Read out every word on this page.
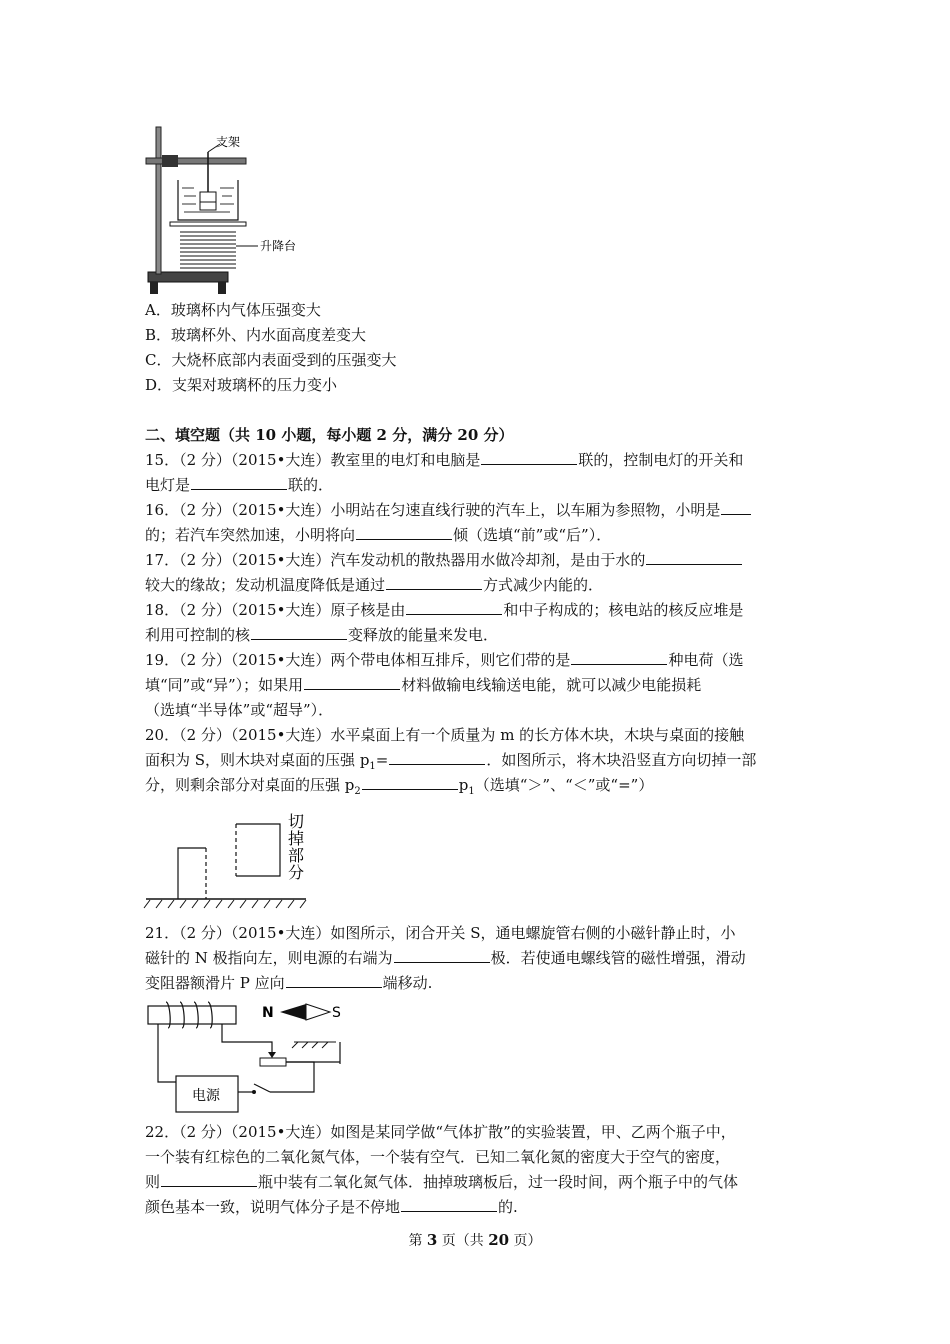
支架
升降台
A．玻璃杯内气体压强变大
B．玻璃杯外、内水面高度差变大
C．大烧杯底部内表面受到的压强变大
D．支架对玻璃杯的压力变小
二、填空题（共 10 小题，每小题 2 分，满分 20 分）
15．（2 分）（2015•大连）教室里的电灯和电脑是	联的，控制电灯的开关和
电灯是	联的．
16．（2 分）（2015•大连）小明站在匀速直线行驶的汽车上，以车厢为参照物，小明是
的；若汽车突然加速，小明将向	倾（选填“前”或“后”）．
17．（2 分）（2015•大连）汽车发动机的散热器用水做冷却剂，是由于水的
较大的缘故；发动机温度降低是通过	方式减少内能的．
18．（2 分）（2015•大连）原子核是由	和中子构成的；核电站的核反应堆是
利用可控制的核	变释放的能量来发电．
19．（2 分）（2015•大连）两个带电体相互排斥，则它们带的是	种电荷（选
填“同”或“异”）；如果用	材料做输电线输送电能，就可以减少电能损耗
（选填“半导体”或“超导”）．
20．（2 分）（2015•大连）水平桌面上有一个质量为 m 的长方体木块，木块与桌面的接触
面积为 S，则木块对桌面的压强 $p_1=$	．如图所示，将木块沿竖直方向切掉一部
分，则剩余部分对桌面的压强 $p_2$	$p_1$（选填“＞”、“＜”或“=”）
切
掉
部
分
21．（2 分）（2015•大连）如图所示，闭合开关 S，通电螺旋管右侧的小磁针静止时，小
磁针的 N 极指向左，则电源的右端为	极．若使通电螺线管的磁性增强，滑动
变阻器额滑片 P 应向	端移动.
电源
N	S
22．（2 分）（2015•大连）如图是某同学做“气体扩散”的实验装置，甲、乙两个瓶子中，
一个装有红棕色的二氧化氮气体，一个装有空气．已知二氧化氮的密度大于空气的密度，
则	瓶中装有二氧化氮气体．抽掉玻璃板后，过一段时间，两个瓶子中的气体
颜色基本一致，说明气体分子是不停地	的.
第 3 页（共 20 页）
